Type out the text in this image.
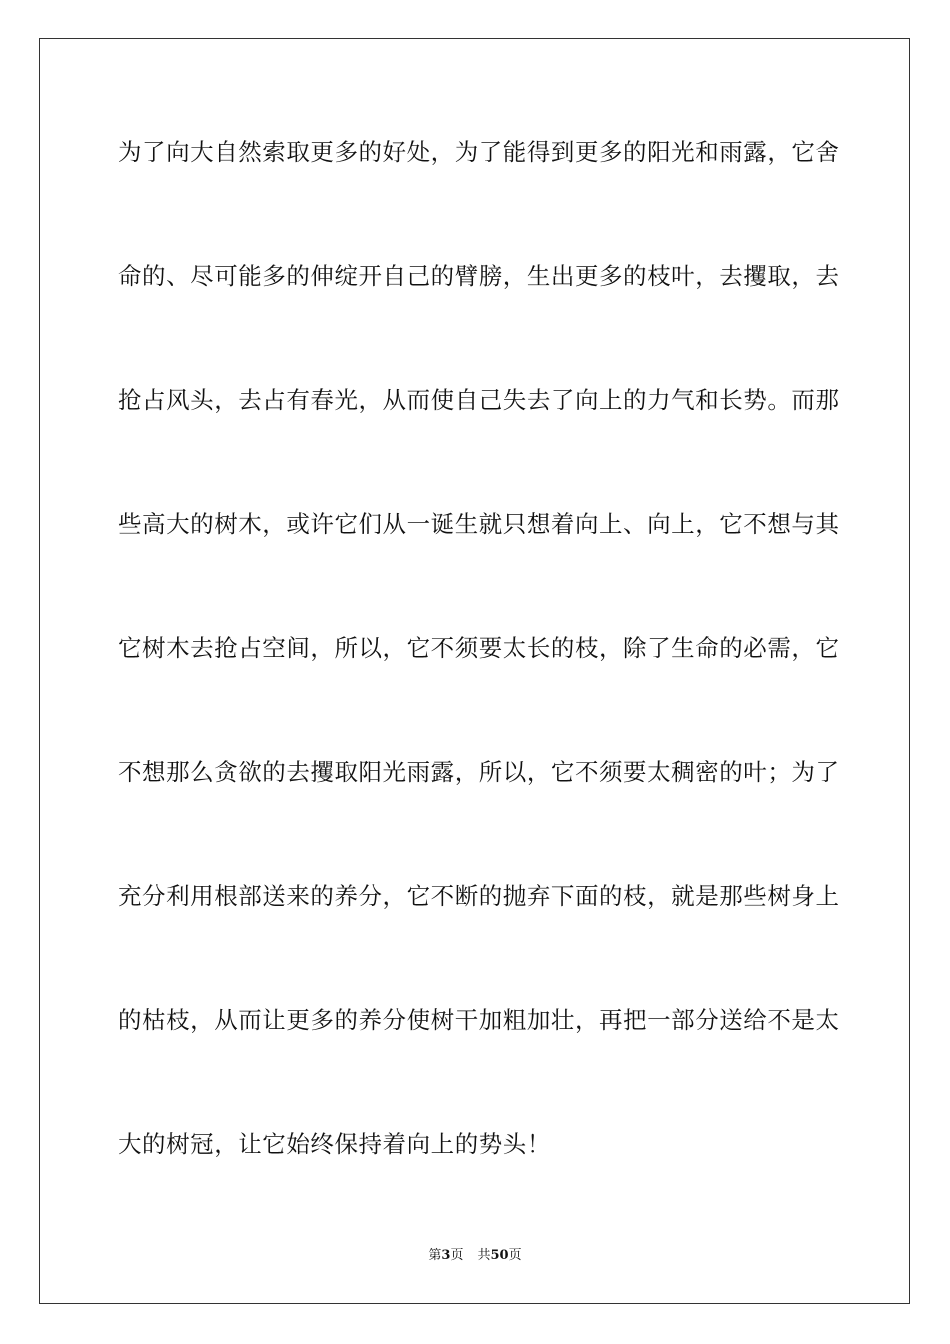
为了向大自然索取更多的好处，为了能得到更多的阳光和雨露，它舍
命的、尽可能多的伸绽开自己的臂膀，生出更多的枝叶，去攫取，去
抢占风头，去占有春光，从而使自己失去了向上的力气和长势。而那
些高大的树木，或许它们从一诞生就只想着向上、向上，它不想与其
它树木去抢占空间，所以，它不须要太长的枝，除了生命的必需，它
不想那么贪欲的去攫取阳光雨露，所以，它不须要太稠密的叶；为了
充分利用根部送来的养分，它不断的抛弃下面的枝，就是那些树身上
的枯枝，从而让更多的养分使树干加粗加壮，再把一部分送给不是太
大的树冠，让它始终保持着向上的势头！
第3页 共50页
